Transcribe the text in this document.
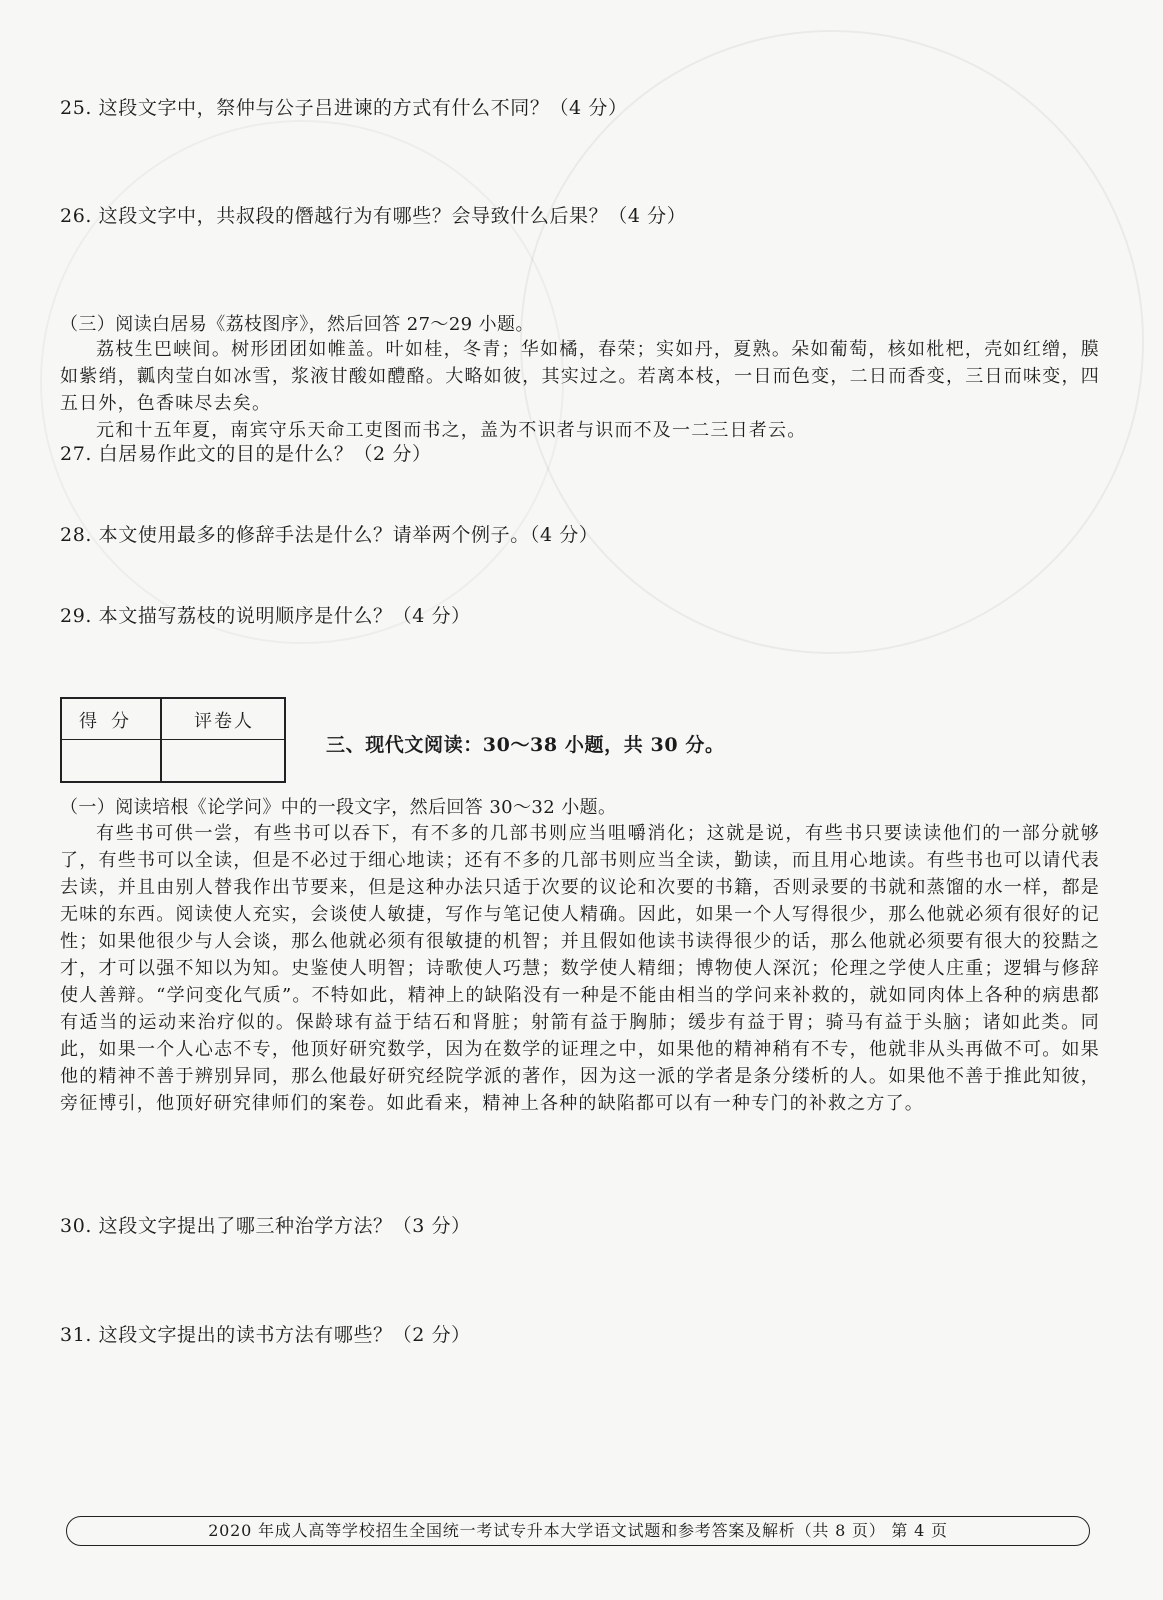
25. 这段文字中，祭仲与公子吕进谏的方式有什么不同？（4 分）
26. 这段文字中，共叔段的僭越行为有哪些？会导致什么后果？（4 分）
（三）阅读白居易《荔枝图序》，然后回答 27～29 小题。
荔枝生巴峡间。树形团团如帷盖。叶如桂，冬青；华如橘，春荣；实如丹，夏熟。朵如葡萄，核如枇杷，壳如红缯，膜如紫绡，瓤肉莹白如冰雪，浆液甘酸如醴酪。大略如彼，其实过之。若离本枝，一日而色变，二日而香变，三日而味变，四五日外，色香味尽去矣。
元和十五年夏，南宾守乐天命工吏图而书之，盖为不识者与识而不及一二三日者云。
27. 白居易作此文的目的是什么？（2 分）
28. 本文使用最多的修辞手法是什么？请举两个例子。（4 分）
29. 本文描写荔枝的说明顺序是什么？（4 分）
得分	评卷人
三、现代文阅读：30～38 小题，共 30 分。
（一）阅读培根《论学问》中的一段文字，然后回答 30～32 小题。
有些书可供一尝，有些书可以吞下，有不多的几部书则应当咀嚼消化；这就是说，有些书只要读读他们的一部分就够了，有些书可以全读，但是不必过于细心地读；还有不多的几部书则应当全读，勤读，而且用心地读。有些书也可以请代表去读，并且由别人替我作出节要来，但是这种办法只适于次要的议论和次要的书籍，否则录要的书就和蒸馏的水一样，都是无味的东西。阅读使人充实，会谈使人敏捷，写作与笔记使人精确。因此，如果一个人写得很少，那么他就必须有很好的记性；如果他很少与人会谈，那么他就必须有很敏捷的机智；并且假如他读书读得很少的话，那么他就必须要有很大的狡黠之才，才可以强不知以为知。史鉴使人明智；诗歌使人巧慧；数学使人精细；博物使人深沉；伦理之学使人庄重；逻辑与修辞使人善辩。“学问变化气质”。不特如此，精神上的缺陷没有一种是不能由相当的学问来补救的，就如同肉体上各种的病患都有适当的运动来治疗似的。保龄球有益于结石和肾脏；射箭有益于胸肺；缓步有益于胃；骑马有益于头脑；诸如此类。同此，如果一个人心志不专，他顶好研究数学，因为在数学的证理之中，如果他的精神稍有不专，他就非从头再做不可。如果他的精神不善于辨别异同，那么他最好研究经院学派的著作，因为这一派的学者是条分缕析的人。如果他不善于推此知彼，旁征博引，他顶好研究律师们的案卷。如此看来，精神上各种的缺陷都可以有一种专门的补救之方了。
30. 这段文字提出了哪三种治学方法？（3 分）
31. 这段文字提出的读书方法有哪些？（2 分）
2020 年成人高等学校招生全国统一考试专升本大学语文试题和参考答案及解析（共 8 页） 第 4 页
